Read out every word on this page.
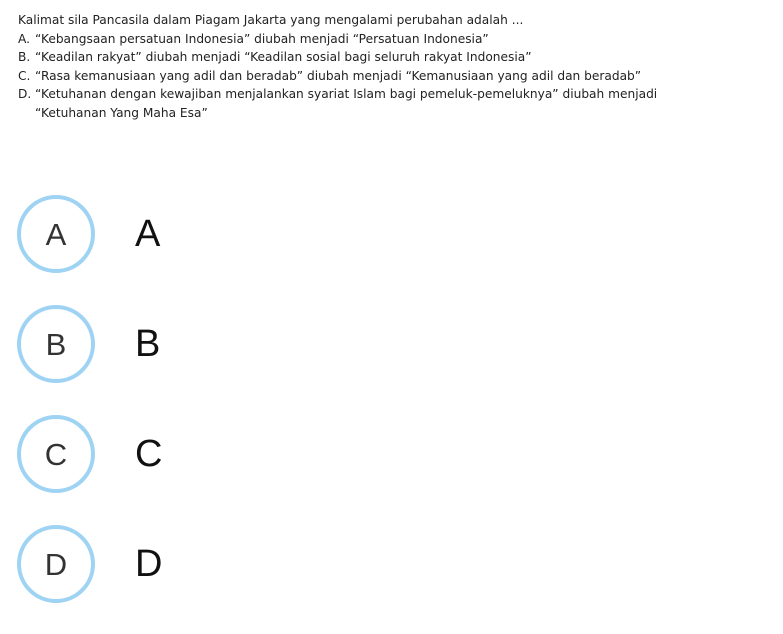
Kalimat sila Pancasila dalam Piagam Jakarta yang mengalami perubahan adalah ...
A. “Kebangsaan persatuan Indonesia” diubah menjadi “Persatuan Indonesia”
B. “Keadilan rakyat” diubah menjadi “Keadilan sosial bagi seluruh rakyat Indonesia”
C. “Rasa kemanusiaan yang adil dan beradab” diubah menjadi “Kemanusiaan yang adil dan beradab”
D. “Ketuhanan dengan kewajiban menjalankan syariat Islam bagi pemeluk-pemeluknya” diubah menjadi
“Ketuhanan Yang Maha Esa”
A A
B B
C C
D D
